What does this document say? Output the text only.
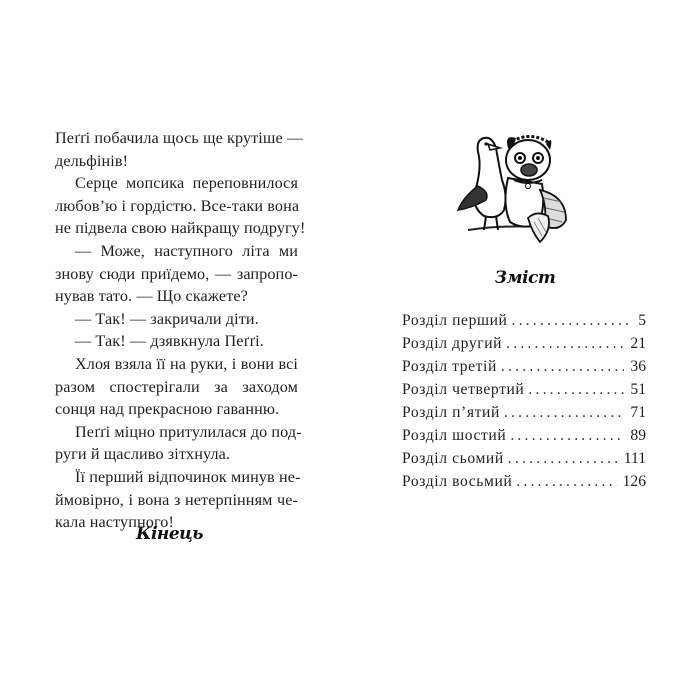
Пеґґі побачила щось ще крутіше —
дельфінів!
Серце мопсика переповнилося
любов’ю і гордістю. Все-таки вона
не підвела свою найкращу подругу!
— Може, наступного літа ми
знову сюди приїдемо, — запропо-
нував тато. — Що скажете?
— Так! — закричали діти.
— Так! — дзявкнула Пеґґі.
Хлоя взяла її на руки, і вони всі
разом спостерігали за заходом
сонця над прекрасною гаванню.
Пеґґі міцно притулилася до под-
руги й щасливо зітхнула.
Її перший відпочинок минув не-
ймовірно, і вона з нетерпінням че-
кала наступного!
Кінець
Зміст
Розділ перший .....	5
Розділ другий .....	21
Розділ третій .....	36
Розділ четвертий .....	51
Розділ п’ятий .....	71
Розділ шостий .....	89
Розділ сьомий .....	111
Розділ восьмий .....	126
